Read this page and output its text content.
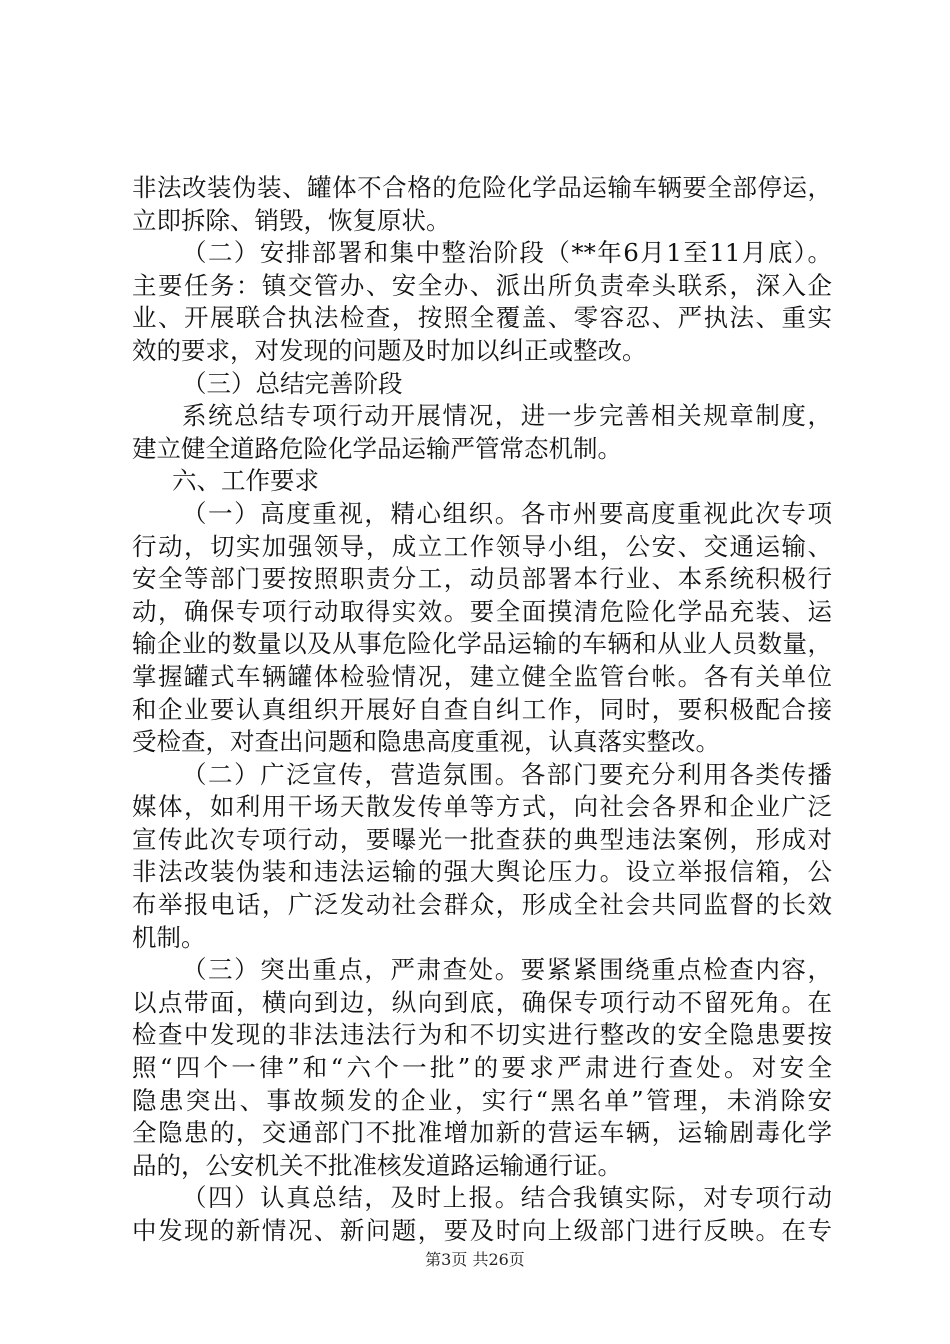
非法改装伪装、罐体不合格的危险化学品运输车辆要全部停运，
立即拆除、销毁，恢复原状。
（二）安排部署和集中整治阶段（**年6月1至11月底）。
主要任务：镇交管办、安全办、派出所负责牵头联系，深入企
业、开展联合执法检查，按照全覆盖、零容忍、严执法、重实
效的要求，对发现的问题及时加以纠正或整改。
（三）总结完善阶段
系统总结专项行动开展情况，进一步完善相关规章制度，
建立健全道路危险化学品运输严管常态机制。
六、工作要求
（一）高度重视，精心组织。各市州要高度重视此次专项
行动，切实加强领导，成立工作领导小组，公安、交通运输、
安全等部门要按照职责分工，动员部署本行业、本系统积极行
动，确保专项行动取得实效。要全面摸清危险化学品充装、运
输企业的数量以及从事危险化学品运输的车辆和从业人员数量，
掌握罐式车辆罐体检验情况，建立健全监管台帐。各有关单位
和企业要认真组织开展好自查自纠工作，同时，要积极配合接
受检查，对查出问题和隐患高度重视，认真落实整改。
（二）广泛宣传，营造氛围。各部门要充分利用各类传播
媒体，如利用干场天散发传单等方式，向社会各界和企业广泛
宣传此次专项行动，要曝光一批查获的典型违法案例，形成对
非法改装伪装和违法运输的强大舆论压力。设立举报信箱，公
布举报电话，广泛发动社会群众，形成全社会共同监督的长效
机制。
（三）突出重点，严肃查处。要紧紧围绕重点检查内容，
以点带面，横向到边，纵向到底，确保专项行动不留死角。在
检查中发现的非法违法行为和不切实进行整改的安全隐患要按
照“四个一律”和“六个一批”的要求严肃进行查处。对安全
隐患突出、事故频发的企业，实行“黑名单”管理，未消除安
全隐患的，交通部门不批准增加新的营运车辆，运输剧毒化学
品的，公安机关不批准核发道路运输通行证。
（四）认真总结，及时上报。结合我镇实际，对专项行动
中发现的新情况、新问题，要及时向上级部门进行反映。在专
第3页 共26页
